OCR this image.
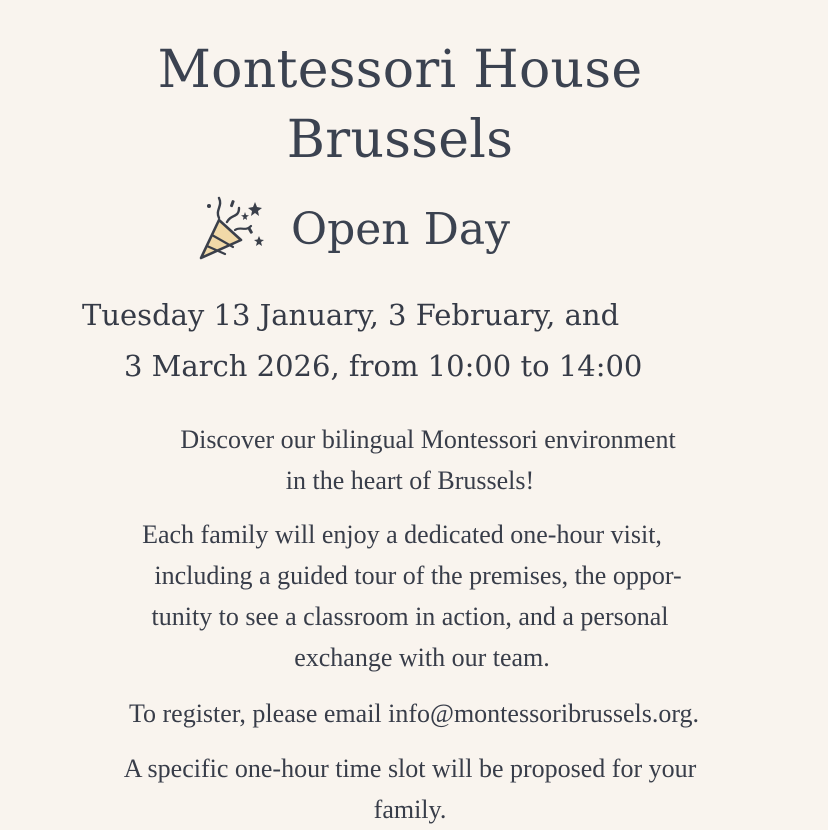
Montessori House
Brussels
Open Day
Tuesday 13 January, 3 February, and
3 March 2026, from 10:00 to 14:00
Discover our bilingual Montessori environment
in the heart of Brussels!
Each family will enjoy a dedicated one-hour visit,
including a guided tour of the premises, the oppor-
tunity to see a classroom in action, and a personal
exchange with our team.
To register, please email info@montessoribrussels.org.
A specific one-hour time slot will be proposed for your
family.
